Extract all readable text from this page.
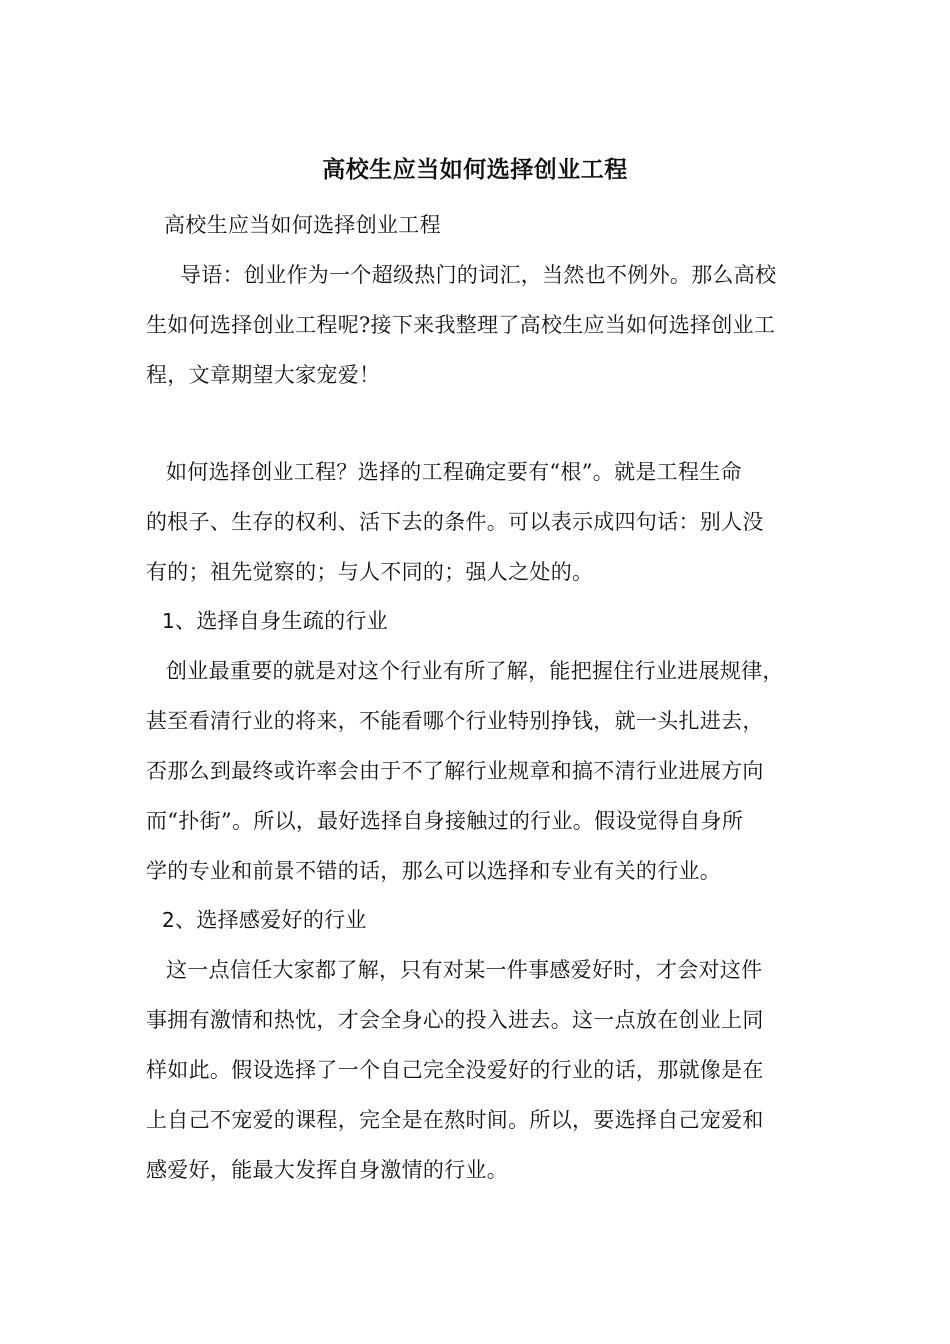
高校生应当如何选择创业工程
高校生应当如何选择创业工程
导语：创业作为一个超级热门的词汇，当然也不例外。那么高校
生如何选择创业工程呢?接下来我整理了高校生应当如何选择创业工
程，文章期望大家宠爱！
如何选择创业工程？选择的工程确定要有“根”。就是工程生命
的根子、生存的权利、活下去的条件。可以表示成四句话：别人没
有的；祖先觉察的；与人不同的；强人之处的。
1、选择自身生疏的行业
创业最重要的就是对这个行业有所了解，能把握住行业进展规律，
甚至看清行业的将来，不能看哪个行业特别挣钱，就一头扎进去，
否那么到最终或许率会由于不了解行业规章和搞不清行业进展方向
而“扑街”。所以，最好选择自身接触过的行业。假设觉得自身所
学的专业和前景不错的话，那么可以选择和专业有关的行业。
2、选择感爱好的行业
这一点信任大家都了解，只有对某一件事感爱好时，才会对这件
事拥有激情和热忱，才会全身心的投入进去。这一点放在创业上同
样如此。假设选择了一个自己完全没爱好的行业的话，那就像是在
上自己不宠爱的课程，完全是在熬时间。所以，要选择自己宠爱和
感爱好，能最大发挥自身激情的行业。
